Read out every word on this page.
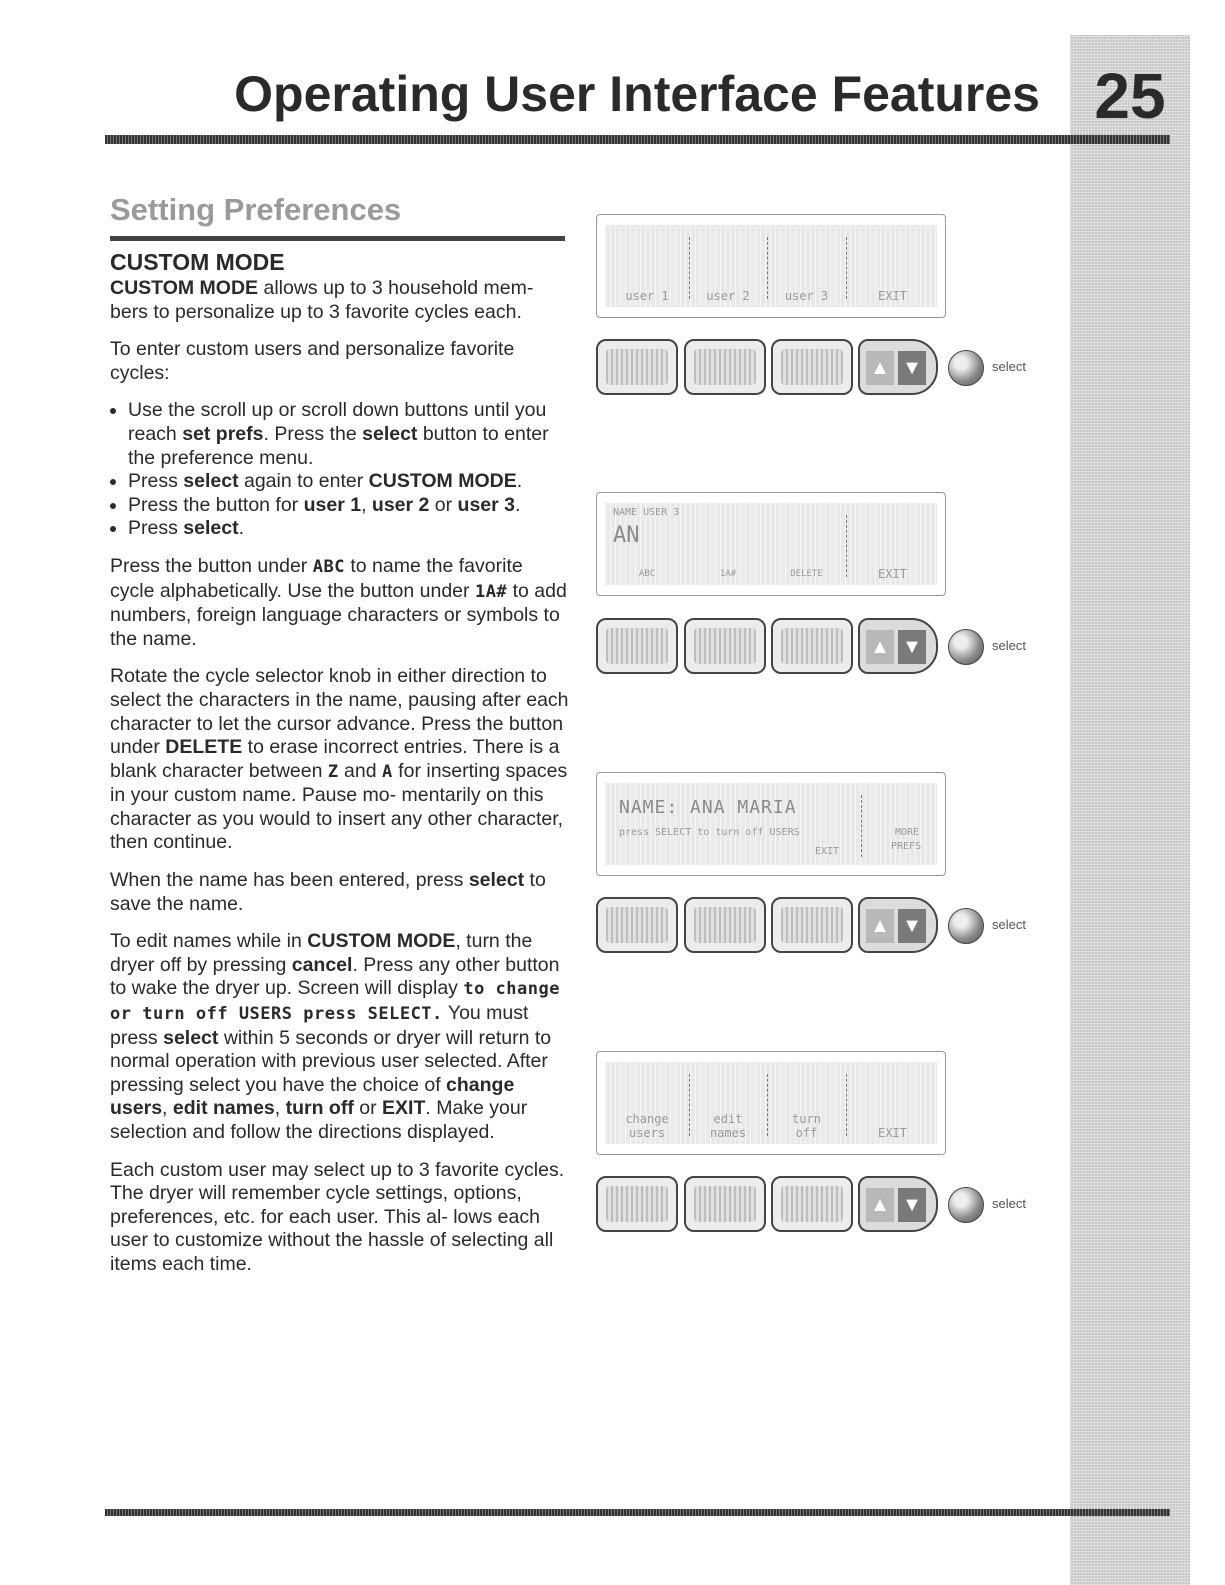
25
Operating User Interface Features
Setting Preferences
CUSTOM MODE

CUSTOM MODE allows up to 3 household mem- bers to personalize up to 3 favorite cycles each.

To enter custom users and personalize favorite cycles:

• Use the scroll up or scroll down buttons until you reach set prefs. Press the select button to enter the preference menu.
• Press select again to enter CUSTOM MODE.
• Press the button for user 1, user 2 or user 3.
• Press select.

Press the button under ABC to name the favorite cycle alphabetically. Use the button under 1A# to add numbers, foreign language characters or symbols to the name.

Rotate the cycle selector knob in either direction to select the characters in the name, pausing after each character to let the cursor advance. Press the button under DELETE to erase incorrect entries. There is a blank character between Z and A for inserting spaces in your custom name. Pause mo- mentarily on this character as you would to insert any other character, then continue.

When the name has been entered, press select to save the name.

To edit names while in CUSTOM MODE, turn the dryer off by pressing cancel. Press any other button to wake the dryer up. Screen will display to change or turn off USERS press SELECT. You must press select within 5 seconds or dryer will return to normal operation with previous user selected. After pressing select you have the choice of change users, edit names, turn off or EXIT. Make your selection and follow the directions displayed.

Each custom user may select up to 3 favorite cycles. The dryer will remember cycle settings, options, preferences, etc. for each user. This al- lows each user to customize without the hassle of selecting all items each time.

user 1	user 2	user 3	EXIT
▲ ▼	select
NAME USER 3
AN
ABC	1A#	DELETE	EXIT
▲ ▼	select
NAME: ANA MARIA
press SELECT to turn off USERS
EXIT
MORE
PREFS
▲ ▼	select
change
users
edit
names
turn
off	EXIT
▲ ▼	select
